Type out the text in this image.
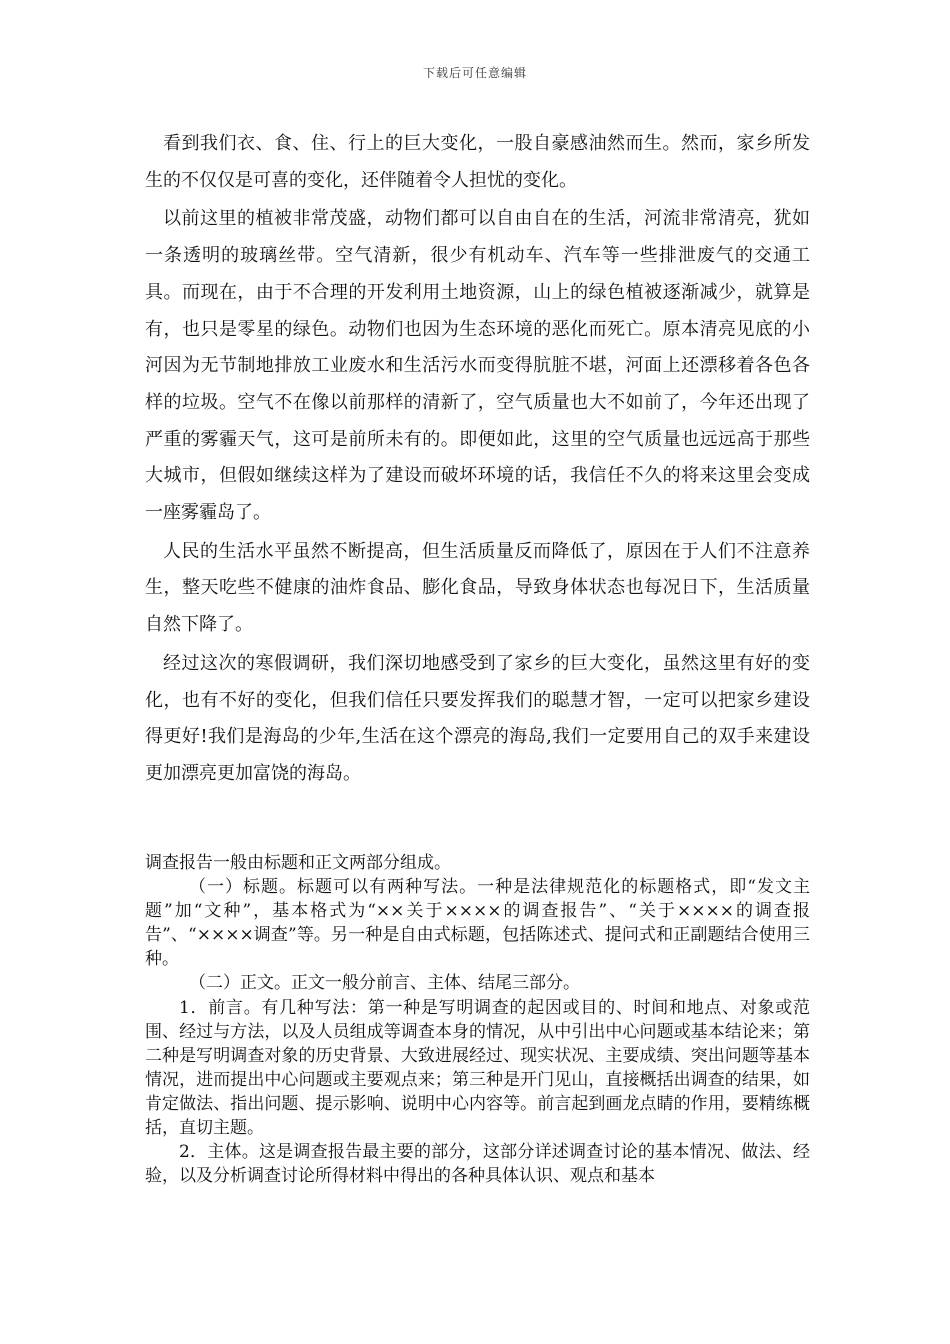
下载后可任意编辑

看到我们衣、食、住、行上的巨大变化，一股自豪感油然而生。然而，家乡所发生的不仅仅是可喜的变化，还伴随着令人担忧的变化。

以前这里的植被非常茂盛，动物们都可以自由自在的生活，河流非常清亮，犹如一条透明的玻璃丝带。空气清新，很少有机动车、汽车等一些排泄废气的交通工具。而现在，由于不合理的开发利用土地资源，山上的绿色植被逐渐减少，就算是有，也只是零星的绿色。动物们也因为生态环境的恶化而死亡。原本清亮见底的小河因为无节制地排放工业废水和生活污水而变得肮脏不堪，河面上还漂移着各色各样的垃圾。空气不在像以前那样的清新了，空气质量也大不如前了，今年还出现了严重的雾霾天气，这可是前所未有的。即便如此，这里的空气质量也远远高于那些大城市，但假如继续这样为了建设而破坏环境的话，我信任不久的将来这里会变成一座雾霾岛了。

人民的生活水平虽然不断提高，但生活质量反而降低了，原因在于人们不注意养生，整天吃些不健康的油炸食品、膨化食品，导致身体状态也每况日下，生活质量自然下降了。

经过这次的寒假调研，我们深切地感受到了家乡的巨大变化，虽然这里有好的变化，也有不好的变化，但我们信任只要发挥我们的聪慧才智，一定可以把家乡建设得更好!我们是海岛的少年,生活在这个漂亮的海岛,我们一定要用自己的双手来建设更加漂亮更加富饶的海岛。

调查报告一般由标题和正文两部分组成。

（一）标题。标题可以有两种写法。一种是法律规范化的标题格式，即“发文主题”加“文种”，基本格式为“××关于××××的调查报告”、“关于××××的调查报告”、“××××调查”等。另一种是自由式标题，包括陈述式、提问式和正副题结合使用三种。

（二）正文。正文一般分前言、主体、结尾三部分。

1．前言。有几种写法：第一种是写明调查的起因或目的、时间和地点、对象或范围、经过与方法，以及人员组成等调查本身的情况，从中引出中心问题或基本结论来；第二种是写明调查对象的历史背景、大致进展经过、现实状况、主要成绩、突出问题等基本情况，进而提出中心问题或主要观点来；第三种是开门见山，直接概括出调查的结果，如肯定做法、指出问题、提示影响、说明中心内容等。前言起到画龙点睛的作用，要精练概括，直切主题。

2．主体。这是调查报告最主要的部分，这部分详述调查讨论的基本情况、做法、经验，以及分析调查讨论所得材料中得出的各种具体认识、观点和基本
